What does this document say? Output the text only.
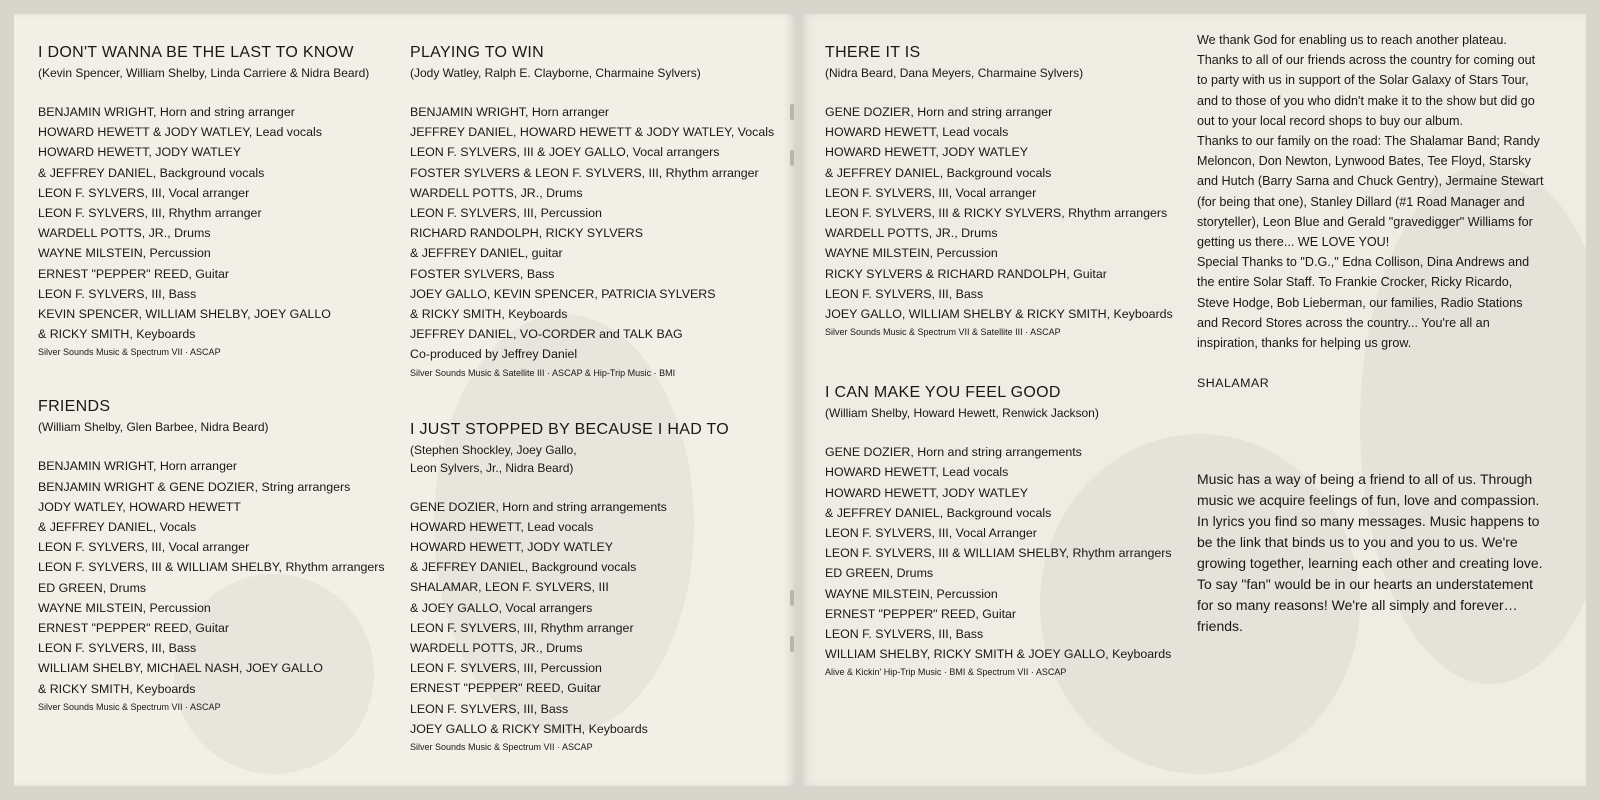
I DON'T WANNA BE THE LAST TO KNOW
(Kevin Spencer, William Shelby, Linda Carriere & Nidra Beard)
BENJAMIN WRIGHT, Horn and string arranger
HOWARD HEWETT & JODY WATLEY, Lead vocals
HOWARD HEWETT, JODY WATLEY
& JEFFREY DANIEL, Background vocals
LEON F. SYLVERS, III, Vocal arranger
LEON F. SYLVERS, III, Rhythm arranger
WARDELL POTTS, JR., Drums
WAYNE MILSTEIN, Percussion
ERNEST "PEPPER" REED, Guitar
LEON F. SYLVERS, III, Bass
KEVIN SPENCER, WILLIAM SHELBY, JOEY GALLO
& RICKY SMITH, Keyboards
Silver Sounds Music & Spectrum VII · ASCAP
FRIENDS
(William Shelby, Glen Barbee, Nidra Beard)
BENJAMIN WRIGHT, Horn arranger
BENJAMIN WRIGHT & GENE DOZIER, String arrangers
JODY WATLEY, HOWARD HEWETT
& JEFFREY DANIEL, Vocals
LEON F. SYLVERS, III, Vocal arranger
LEON F. SYLVERS, III & WILLIAM SHELBY, Rhythm arrangers
ED GREEN, Drums
WAYNE MILSTEIN, Percussion
ERNEST "PEPPER" REED, Guitar
LEON F. SYLVERS, III, Bass
WILLIAM SHELBY, MICHAEL NASH, JOEY GALLO
& RICKY SMITH, Keyboards
Silver Sounds Music & Spectrum VII · ASCAP
PLAYING TO WIN
(Jody Watley, Ralph E. Clayborne, Charmaine Sylvers)
BENJAMIN WRIGHT, Horn arranger
JEFFREY DANIEL, HOWARD HEWETT & JODY WATLEY, Vocals
LEON F. SYLVERS, III & JOEY GALLO, Vocal arrangers
FOSTER SYLVERS & LEON F. SYLVERS, III, Rhythm arranger
WARDELL POTTS, JR., Drums
LEON F. SYLVERS, III, Percussion
RICHARD RANDOLPH, RICKY SYLVERS
& JEFFREY DANIEL, guitar
FOSTER SYLVERS, Bass
JOEY GALLO, KEVIN SPENCER, PATRICIA SYLVERS
& RICKY SMITH, Keyboards
JEFFREY DANIEL, VO-CORDER and TALK BAG
Co-produced by Jeffrey Daniel
Silver Sounds Music & Satellite III · ASCAP & Hip-Trip Music · BMI
I JUST STOPPED BY BECAUSE I HAD TO
(Stephen Shockley, Joey Gallo,
Leon Sylvers, Jr., Nidra Beard)
GENE DOZIER, Horn and string arrangements
HOWARD HEWETT, Lead vocals
HOWARD HEWETT, JODY WATLEY
& JEFFREY DANIEL, Background vocals
SHALAMAR, LEON F. SYLVERS, III
& JOEY GALLO, Vocal arrangers
LEON F. SYLVERS, III, Rhythm arranger
WARDELL POTTS, JR., Drums
LEON F. SYLVERS, III, Percussion
ERNEST "PEPPER" REED, Guitar
LEON F. SYLVERS, III, Bass
JOEY GALLO & RICKY SMITH, Keyboards
Silver Sounds Music & Spectrum VII · ASCAP
THERE IT IS
(Nidra Beard, Dana Meyers, Charmaine Sylvers)
GENE DOZIER, Horn and string arranger
HOWARD HEWETT, Lead vocals
HOWARD HEWETT, JODY WATLEY
& JEFFREY DANIEL, Background vocals
LEON F. SYLVERS, III, Vocal arranger
LEON F. SYLVERS, III & RICKY SYLVERS, Rhythm arrangers
WARDELL POTTS, JR., Drums
WAYNE MILSTEIN, Percussion
RICKY SYLVERS & RICHARD RANDOLPH, Guitar
LEON F. SYLVERS, III, Bass
JOEY GALLO, WILLIAM SHELBY & RICKY SMITH, Keyboards
Silver Sounds Music & Spectrum VII & Satellite III · ASCAP
I CAN MAKE YOU FEEL GOOD
(William Shelby, Howard Hewett, Renwick Jackson)
GENE DOZIER, Horn and string arrangements
HOWARD HEWETT, Lead vocals
HOWARD HEWETT, JODY WATLEY
& JEFFREY DANIEL, Background vocals
LEON F. SYLVERS, III, Vocal Arranger
LEON F. SYLVERS, III & WILLIAM SHELBY, Rhythm arrangers
ED GREEN, Drums
WAYNE MILSTEIN, Percussion
ERNEST "PEPPER" REED, Guitar
LEON F. SYLVERS, III, Bass
WILLIAM SHELBY, RICKY SMITH & JOEY GALLO, Keyboards
Alive & Kickin' Hip-Trip Music · BMI & Spectrum VII · ASCAP

We thank God for enabling us to reach another plateau. Thanks to all of our friends across the country for coming out to party with us in support of the Solar Galaxy of Stars Tour, and to those of you who didn't make it to the show but did go out to your local record shops to buy our album.

Thanks to our family on the road: The Shalamar Band; Randy Meloncon, Don Newton, Lynwood Bates, Tee Floyd, Starsky and Hutch (Barry Sarna and Chuck Gentry), Jermaine Stewart (for being that one), Stanley Dillard (#1 Road Manager and storyteller), Leon Blue and Gerald "gravedigger" Williams for getting us there... WE LOVE YOU!

Special Thanks to "D.G.," Edna Collison, Dina Andrews and the entire Solar Staff. To Frankie Crocker, Ricky Ricardo, Steve Hodge, Bob Lieberman, our families, Radio Stations and Record Stores across the country... You're all an inspiration, thanks for helping us grow.

SHALAMAR
Music has a way of being a friend to all of us. Through music we acquire feelings of fun, love and compassion. In lyrics you find so many messages. Music happens to be the link that binds us to you and you to us. We're growing together, learning each other and creating love. To say "fan" would be in our hearts an understatement for so many reasons! We're all simply and forever…friends.
